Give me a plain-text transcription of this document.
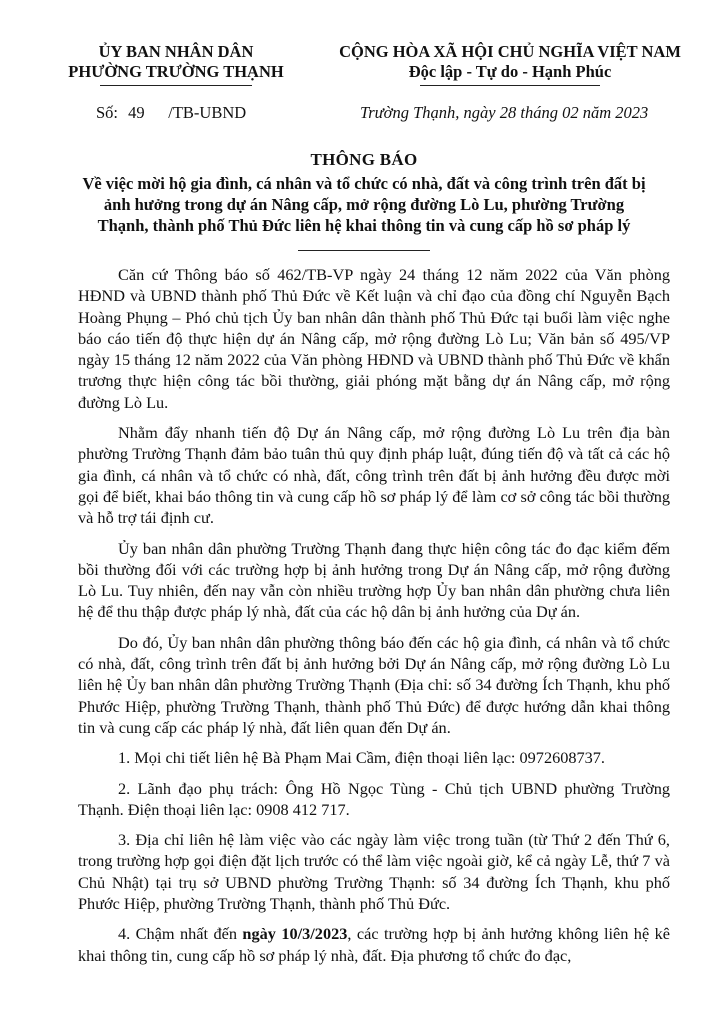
ỦY BAN NHÂN DÂN
PHƯỜNG TRƯỜNG THẠNH
CỘNG HÒA XÃ HỘI CHỦ NGHĨA VIỆT NAM
Độc lập - Tự do - Hạnh Phúc
Số: 49 /TB-UBND	Trường Thạnh, ngày 28 tháng 02 năm 2023
THÔNG BÁO
Về việc mời hộ gia đình, cá nhân và tổ chức có nhà, đất và công trình trên đất bị ảnh hưởng trong dự án Nâng cấp, mở rộng đường Lò Lu, phường Trường Thạnh, thành phố Thủ Đức liên hệ khai thông tin và cung cấp hồ sơ pháp lý

Căn cứ Thông báo số 462/TB-VP ngày 24 tháng 12 năm 2022 của Văn phòng HĐND và UBND thành phố Thủ Đức về Kết luận và chỉ đạo của đồng chí Nguyễn Bạch Hoàng Phụng – Phó chủ tịch Ủy ban nhân dân thành phố Thủ Đức tại buổi làm việc nghe báo cáo tiến độ thực hiện dự án Nâng cấp, mở rộng đường Lò Lu; Văn bản số 495/VP ngày 15 tháng 12 năm 2022 của Văn phòng HĐND và UBND thành phố Thủ Đức về khẩn trương thực hiện công tác bồi thường, giải phóng mặt bằng dự án Nâng cấp, mở rộng đường Lò Lu.

Nhằm đẩy nhanh tiến độ Dự án Nâng cấp, mở rộng đường Lò Lu trên địa bàn phường Trường Thạnh đảm bảo tuân thủ quy định pháp luật, đúng tiến độ và tất cả các hộ gia đình, cá nhân và tổ chức có nhà, đất, công trình trên đất bị ảnh hưởng đều được mời gọi để biết, khai báo thông tin và cung cấp hồ sơ pháp lý để làm cơ sở công tác bồi thường và hỗ trợ tái định cư.

Ủy ban nhân dân phường Trường Thạnh đang thực hiện công tác đo đạc kiểm đếm bồi thường đối với các trường hợp bị ảnh hưởng trong Dự án Nâng cấp, mở rộng đường Lò Lu. Tuy nhiên, đến nay vẫn còn nhiều trường hợp Ủy ban nhân dân phường chưa liên hệ để thu thập được pháp lý nhà, đất của các hộ dân bị ảnh hưởng của Dự án.

Do đó, Ủy ban nhân dân phường thông báo đến các hộ gia đình, cá nhân và tổ chức có nhà, đất, công trình trên đất bị ảnh hưởng bởi Dự án Nâng cấp, mở rộng đường Lò Lu liên hệ Ủy ban nhân dân phường Trường Thạnh (Địa chỉ: số 34 đường Ích Thạnh, khu phố Phước Hiệp, phường Trường Thạnh, thành phố Thủ Đức) để được hướng dẫn khai thông tin và cung cấp các pháp lý nhà, đất liên quan đến Dự án.

1. Mọi chi tiết liên hệ Bà Phạm Mai Cầm, điện thoại liên lạc: 0972608737.

2. Lãnh đạo phụ trách: Ông Hồ Ngọc Tùng - Chủ tịch UBND phường Trường Thạnh. Điện thoại liên lạc: 0908 412 717.

3. Địa chỉ liên hệ làm việc vào các ngày làm việc trong tuần (từ Thứ 2 đến Thứ 6, trong trường hợp gọi điện đặt lịch trước có thể làm việc ngoài giờ, kể cả ngày Lễ, thứ 7 và Chủ Nhật) tại trụ sở UBND phường Trường Thạnh: số 34 đường Ích Thạnh, khu phố Phước Hiệp, phường Trường Thạnh, thành phố Thủ Đức.

4. Chậm nhất đến ngày 10/3/2023, các trường hợp bị ảnh hưởng không liên hệ kê khai thông tin, cung cấp hồ sơ pháp lý nhà, đất. Địa phương tổ chức đo đạc,
